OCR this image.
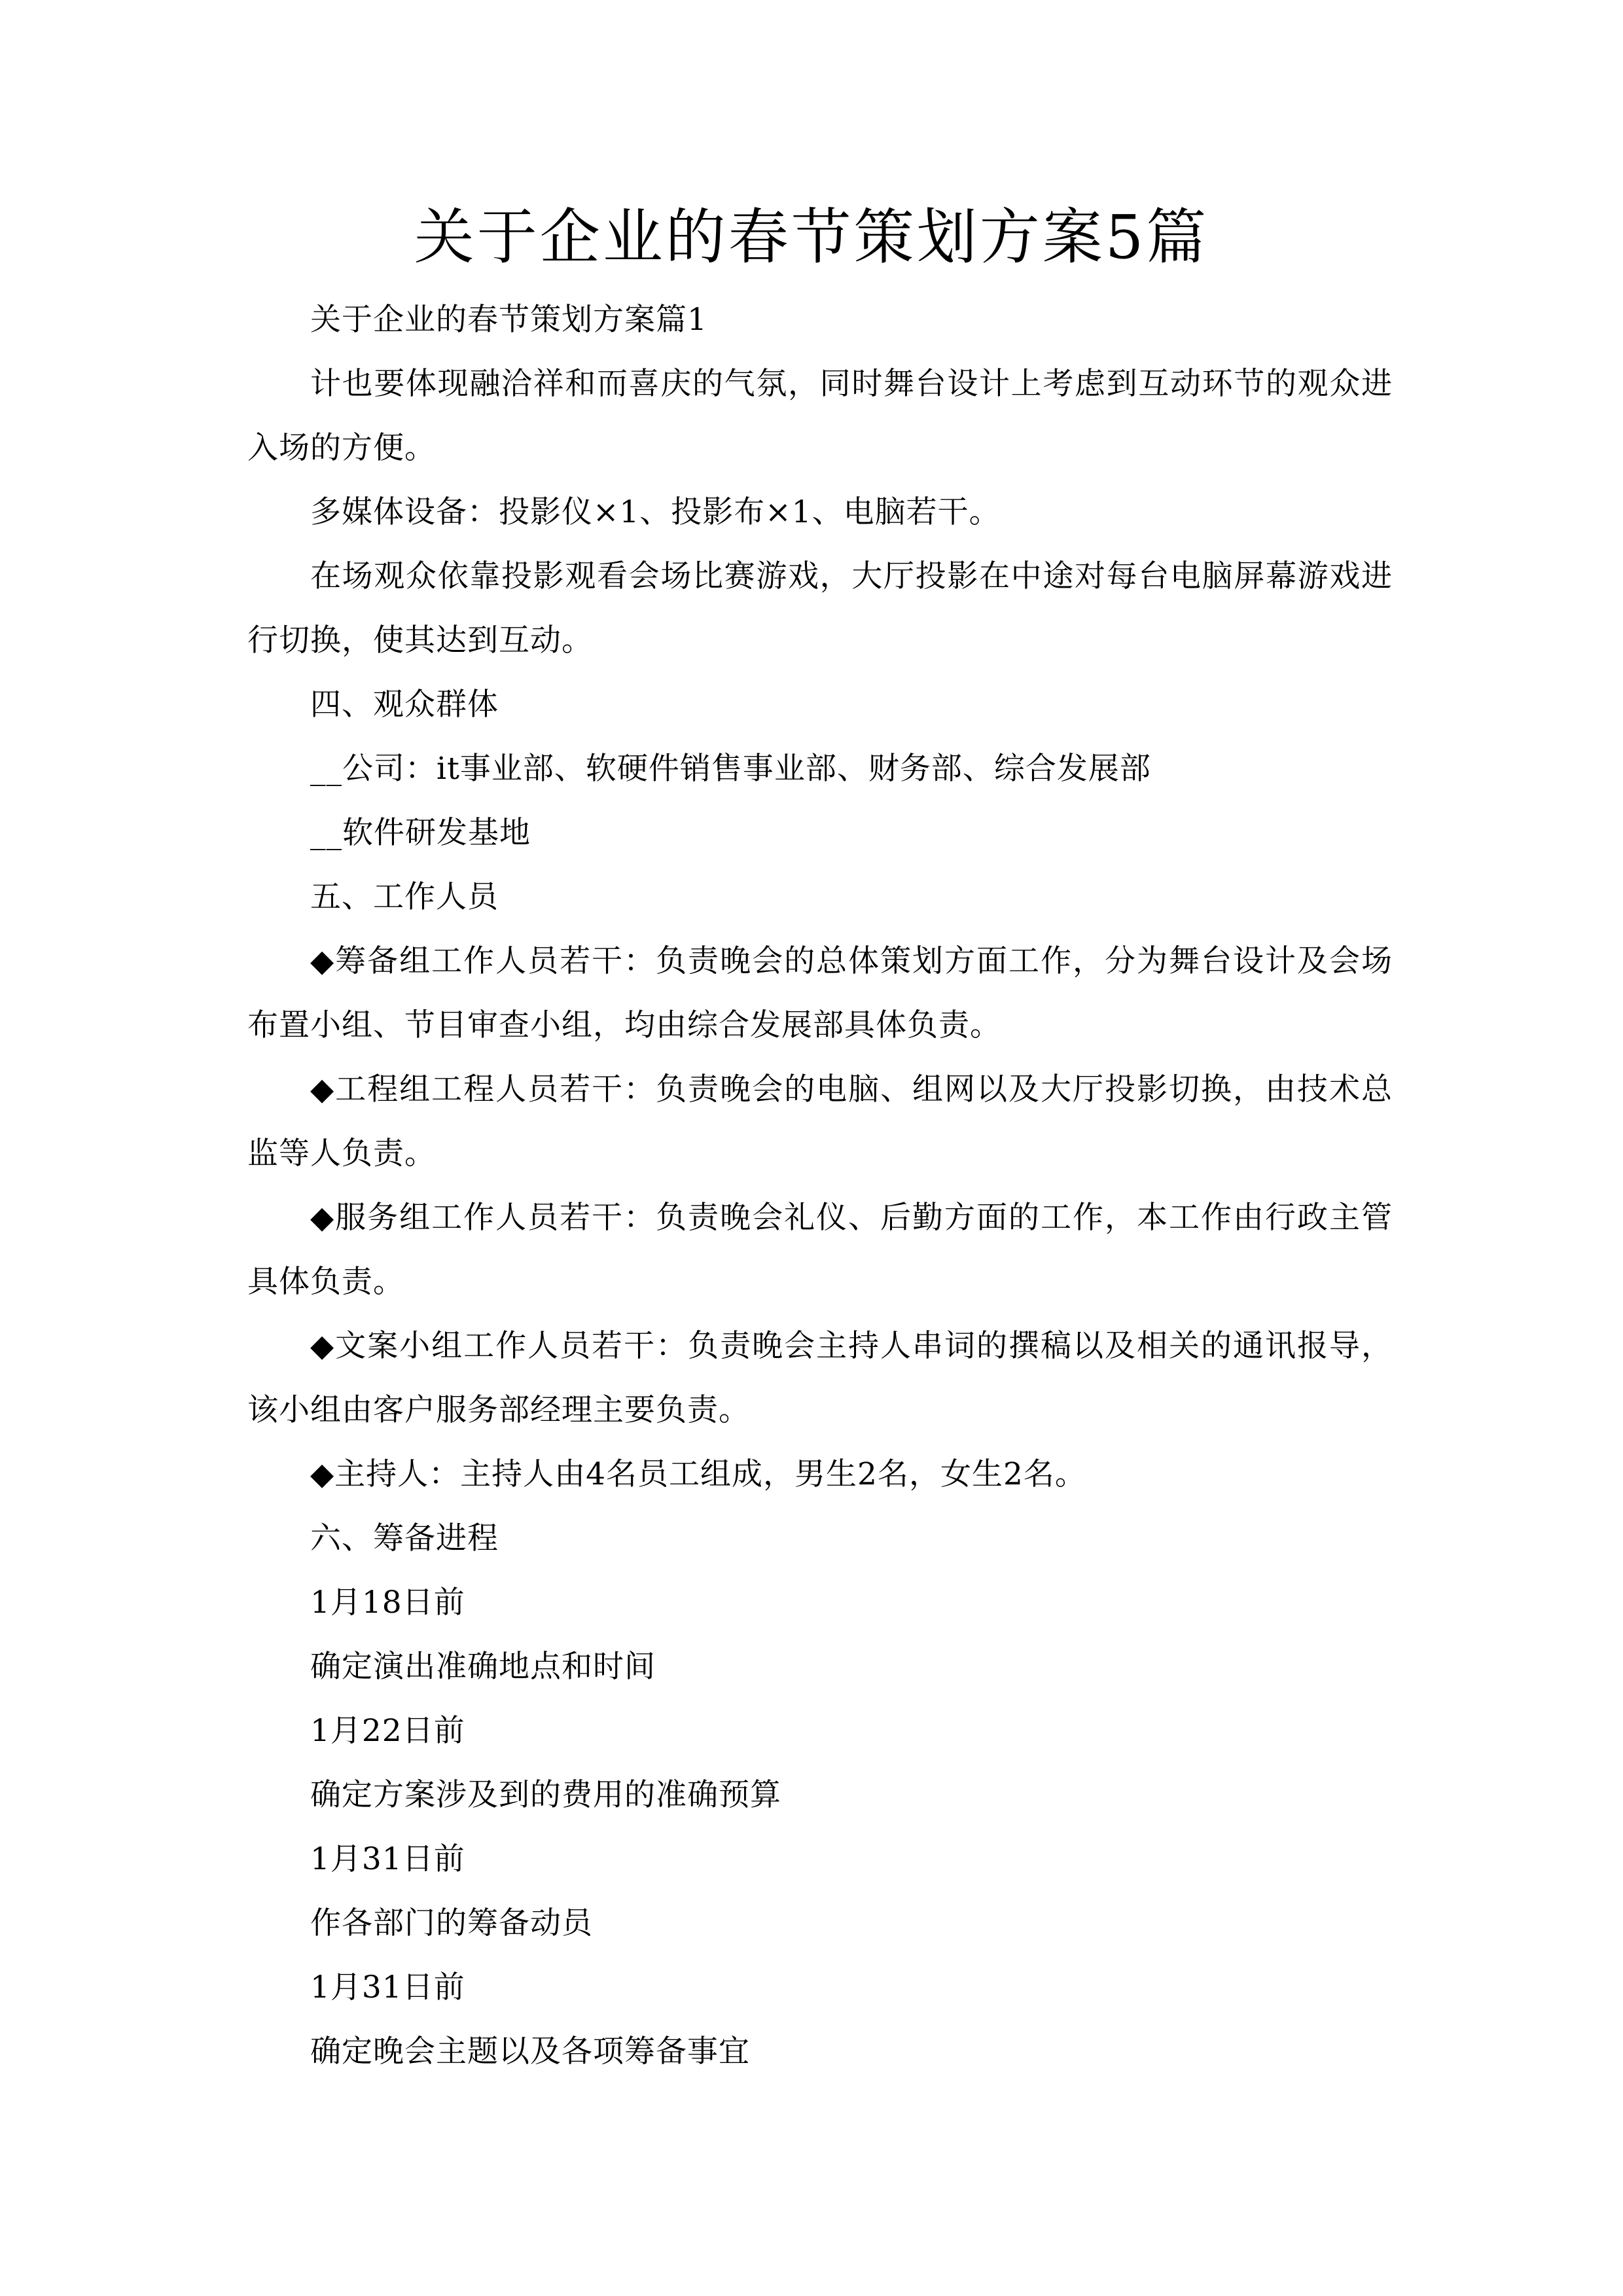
关于企业的春节策划方案5篇

关于企业的春节策划方案篇1

计也要体现融洽祥和而喜庆的气氛，同时舞台设计上考虑到互动环节的观众进入场的方便。

多媒体设备：投影仪×1、投影布×1、电脑若干。

在场观众依靠投影观看会场比赛游戏，大厅投影在中途对每台电脑屏幕游戏进行切换，使其达到互动。

四、观众群体

__公司：it事业部、软硬件销售事业部、财务部、综合发展部

__软件研发基地

五、工作人员

◆筹备组工作人员若干：负责晚会的总体策划方面工作，分为舞台设计及会场布置小组、节目审查小组，均由综合发展部具体负责。

◆工程组工程人员若干：负责晚会的电脑、组网以及大厅投影切换，由技术总监等人负责。

◆服务组工作人员若干：负责晚会礼仪、后勤方面的工作，本工作由行政主管具体负责。

◆文案小组工作人员若干：负责晚会主持人串词的撰稿以及相关的通讯报导，该小组由客户服务部经理主要负责。

◆主持人：主持人由4名员工组成，男生2名，女生2名。

六、筹备进程

1月18日前

确定演出准确地点和时间

1月22日前

确定方案涉及到的费用的准确预算

1月31日前

作各部门的筹备动员

1月31日前

确定晚会主题以及各项筹备事宜
